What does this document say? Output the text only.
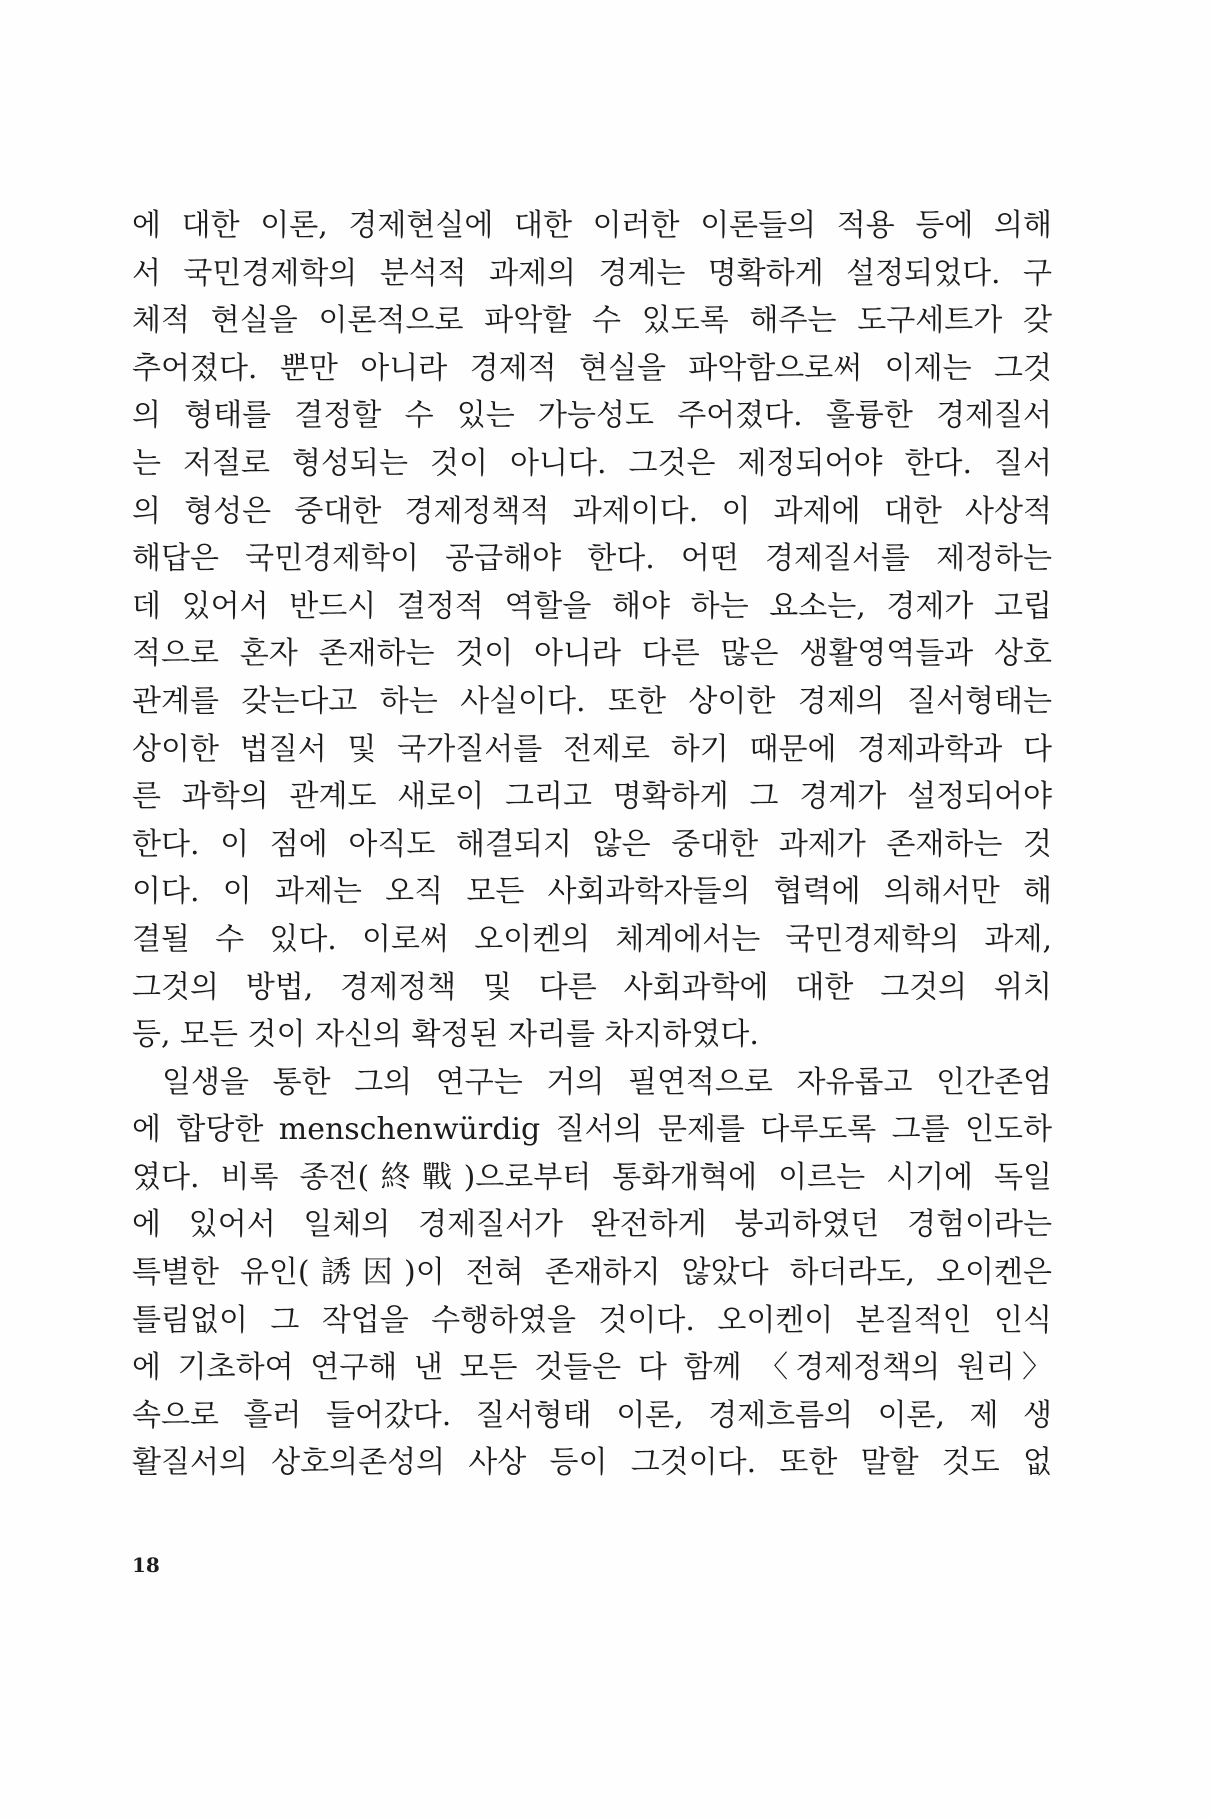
에 대한 이론, 경제현실에 대한 이러한 이론들의 적용 등에 의해
서 국민경제학의 분석적 과제의 경계는 명확하게 설정되었다. 구
체적 현실을 이론적으로 파악할 수 있도록 해주는 도구세트가 갖
추어졌다. 뿐만 아니라 경제적 현실을 파악함으로써 이제는 그것
의 형태를 결정할 수 있는 가능성도 주어졌다. 훌륭한 경제질서
는 저절로 형성되는 것이 아니다. 그것은 제정되어야 한다. 질서
의 형성은 중대한 경제정책적 과제이다. 이 과제에 대한 사상적
해답은 국민경제학이 공급해야 한다. 어떤 경제질서를 제정하는
데 있어서 반드시 결정적 역할을 해야 하는 요소는, 경제가 고립
적으로 혼자 존재하는 것이 아니라 다른 많은 생활영역들과 상호
관계를 갖는다고 하는 사실이다. 또한 상이한 경제의 질서형태는
상이한 법질서 및 국가질서를 전제로 하기 때문에 경제과학과 다
른 과학의 관계도 새로이 그리고 명확하게 그 경계가 설정되어야
한다. 이 점에 아직도 해결되지 않은 중대한 과제가 존재하는 것
이다. 이 과제는 오직 모든 사회과학자들의 협력에 의해서만 해
결될 수 있다. 이로써 오이켄의 체계에서는 국민경제학의 과제,
그것의 방법, 경제정책 및 다른 사회과학에 대한 그것의 위치
등, 모든 것이 자신의 확정된 자리를 차지하였다.
일생을 통한 그의 연구는 거의 필연적으로 자유롭고 인간존엄
에 합당한 menschenwürdig 질서의 문제를 다루도록 그를 인도하
였다. 비록 종전(終戰)으로부터 통화개혁에 이르는 시기에 독일
에 있어서 일체의 경제질서가 완전하게 붕괴하였던 경험이라는
특별한 유인(誘因)이 전혀 존재하지 않았다 하더라도, 오이켄은
틀림없이 그 작업을 수행하였을 것이다. 오이켄이 본질적인 인식
에 기초하여 연구해 낸 모든 것들은 다 함께 〈경제정책의 원리〉
속으로 흘러 들어갔다. 질서형태 이론, 경제흐름의 이론, 제 생
활질서의 상호의존성의 사상 등이 그것이다. 또한 말할 것도 없
18
